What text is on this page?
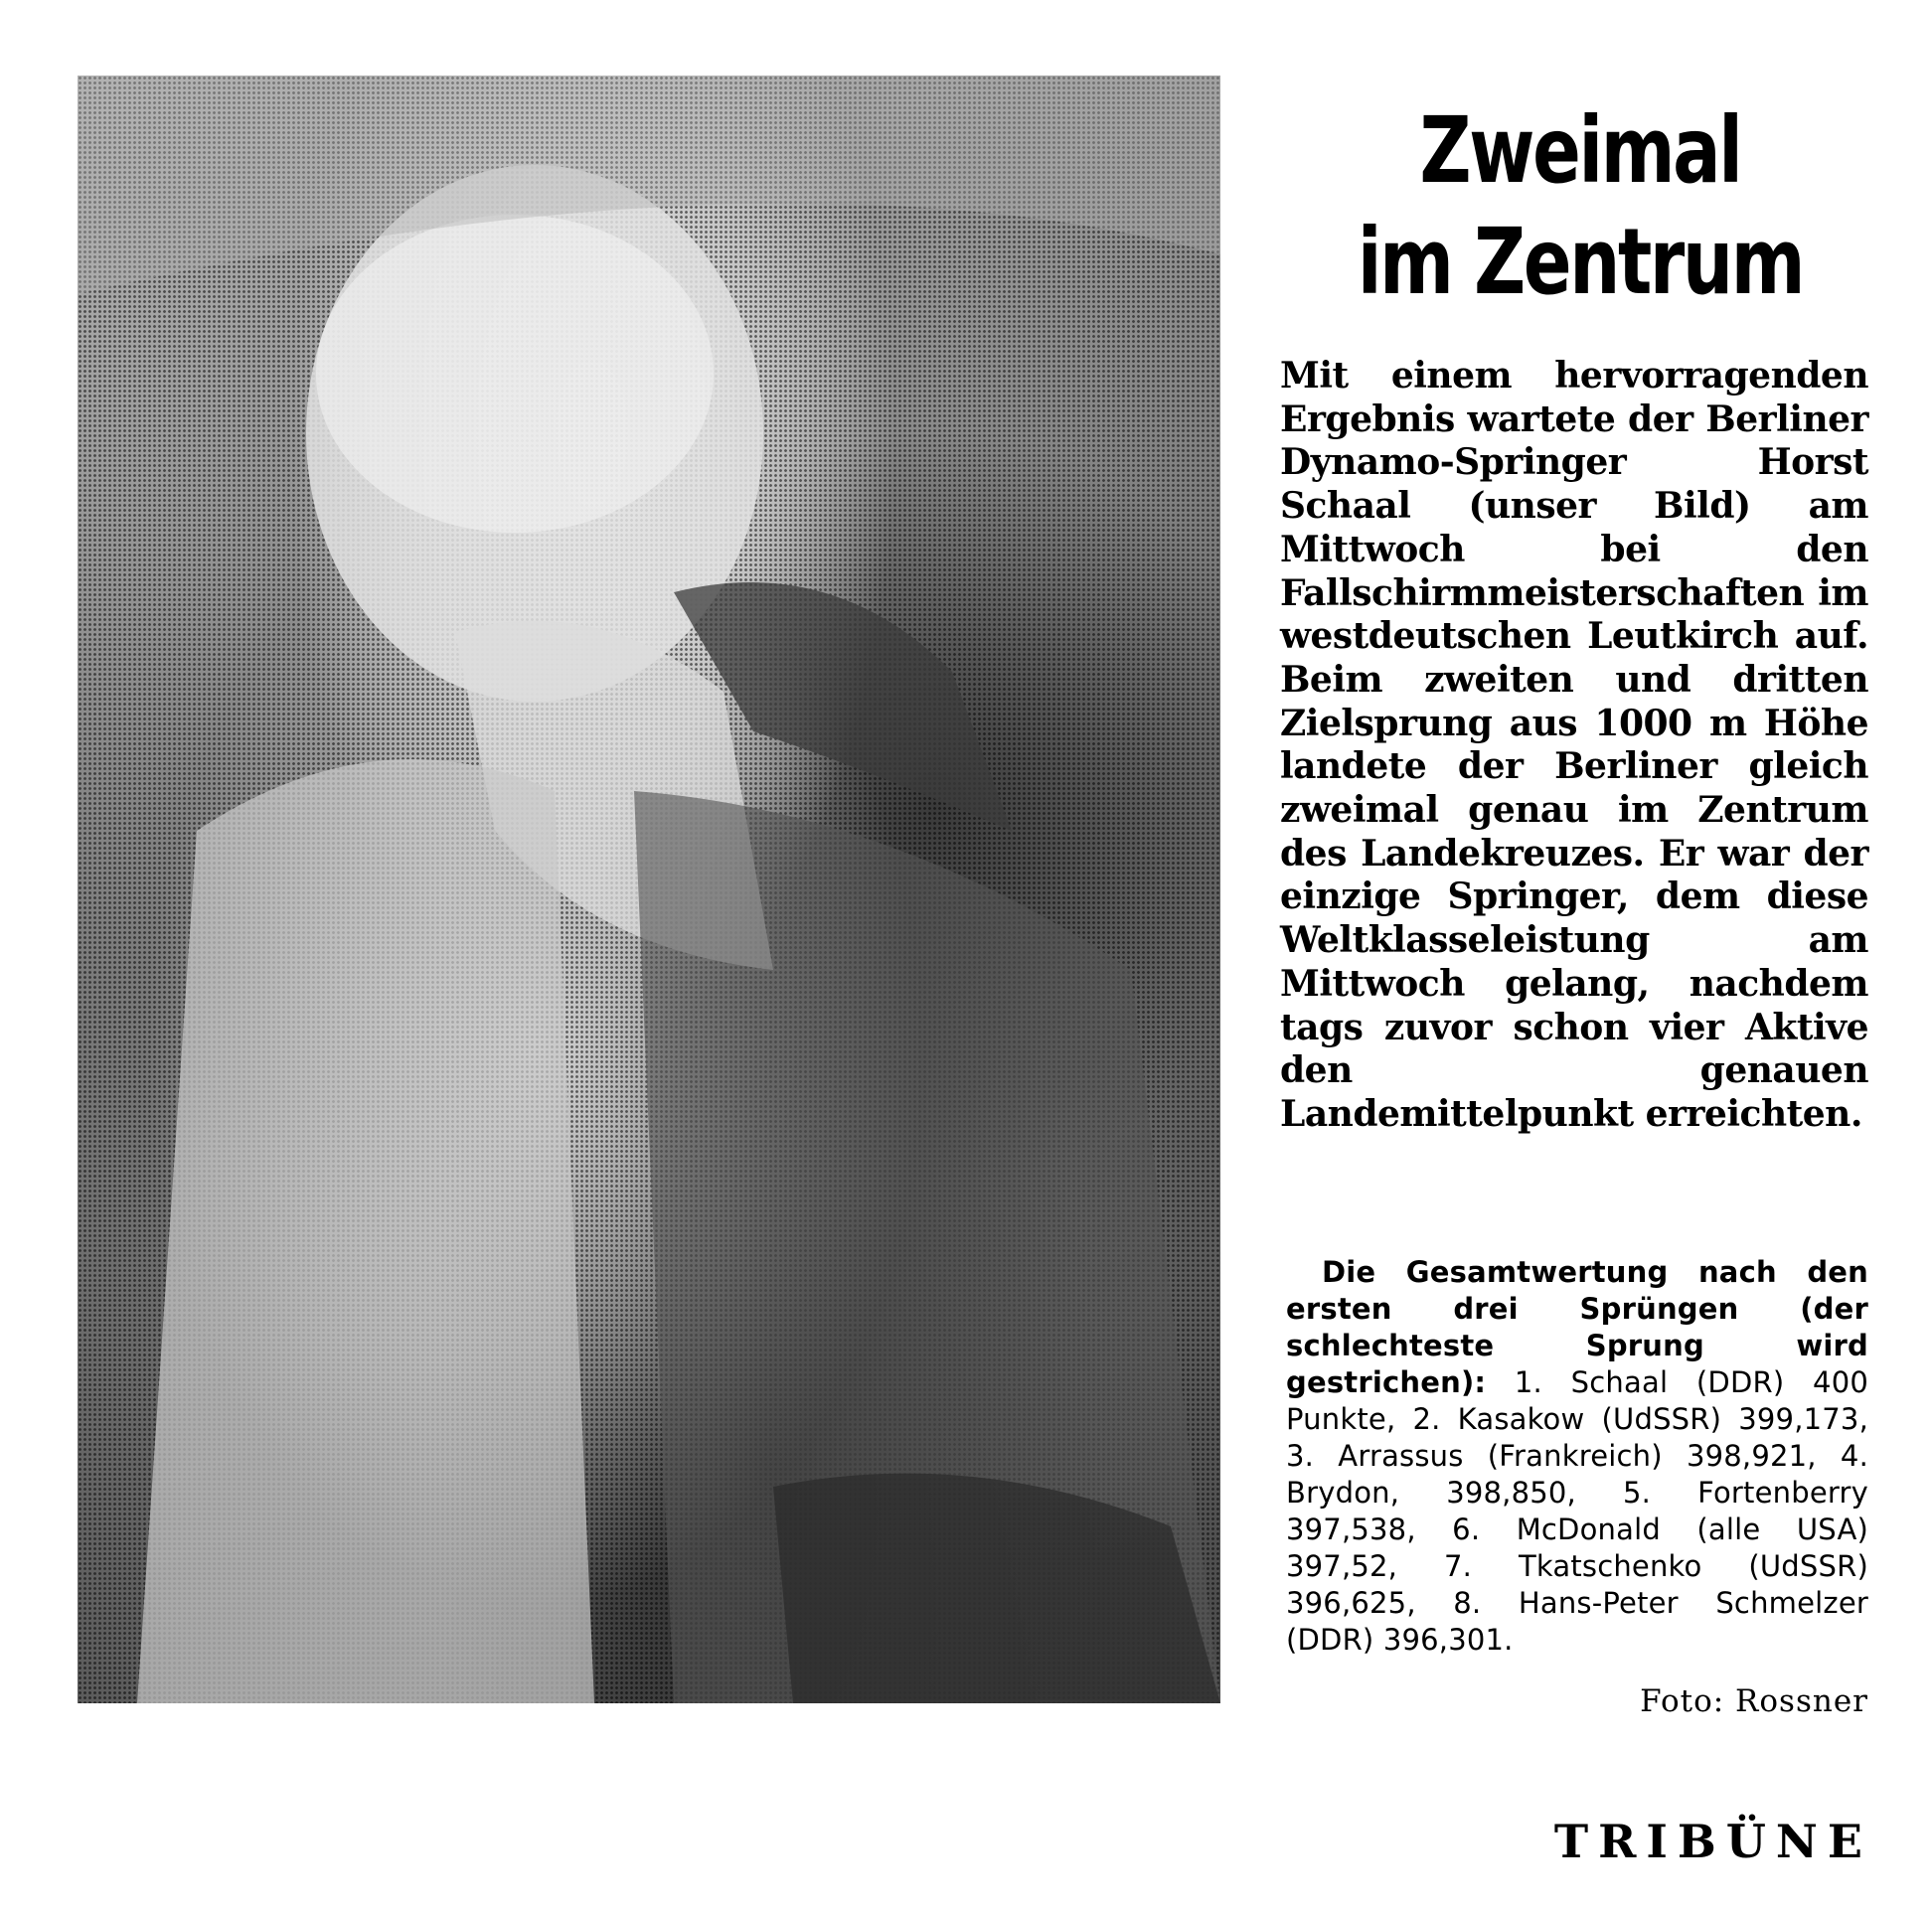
Zweimal
im Zentrum

Mit einem hervorragenden Ergebnis wartete der Berliner Dynamo-Springer Horst Schaal (unser Bild) am Mittwoch bei den Fallschirmmeisterschaften im westdeutschen Leutkirch auf. Beim zweiten und dritten Zielsprung aus 1000 m Höhe landete der Berliner gleich zweimal genau im Zentrum des Landekreuzes. Er war der einzige Springer, dem diese Weltklasseleistung am Mittwoch gelang, nachdem tags zuvor schon vier Aktive den genauen Landemittelpunkt erreichten.

Die Gesamtwertung nach den ersten drei Sprüngen (der schlechteste Sprung wird gestrichen): 1. Schaal (DDR) 400 Punkte, 2. Kasakow (UdSSR) 399,173, 3. Arrassus (Frankreich) 398,921, 4. Brydon, 398,850, 5. Fortenberry 397,538, 6. McDonald (alle USA) 397,52, 7. Tkatschenko (UdSSR) 396,625, 8. Hans-Peter Schmelzer (DDR) 396,301.

Foto: Rossner
TRIBÜNE
